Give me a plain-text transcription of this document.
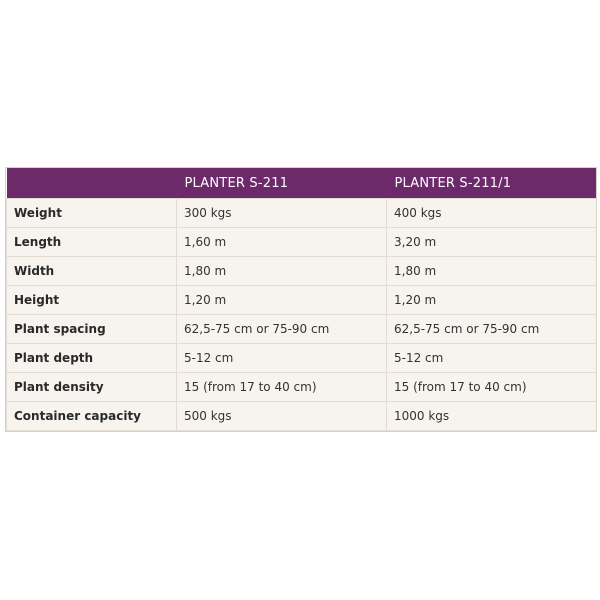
	PLANTER S-211	PLANTER S-211/1
Weight	300 kgs	400 kgs
Length	1,60 m	3,20 m
Width	1,80 m	1,80 m
Height	1,20 m	1,20 m
Plant spacing	62,5-75 cm or 75-90 cm	62,5-75 cm or 75-90 cm
Plant depth	5-12 cm	5-12 cm
Plant density	15 (from 17 to 40 cm)	15 (from 17 to 40 cm)
Container capacity	500 kgs	1000 kgs
